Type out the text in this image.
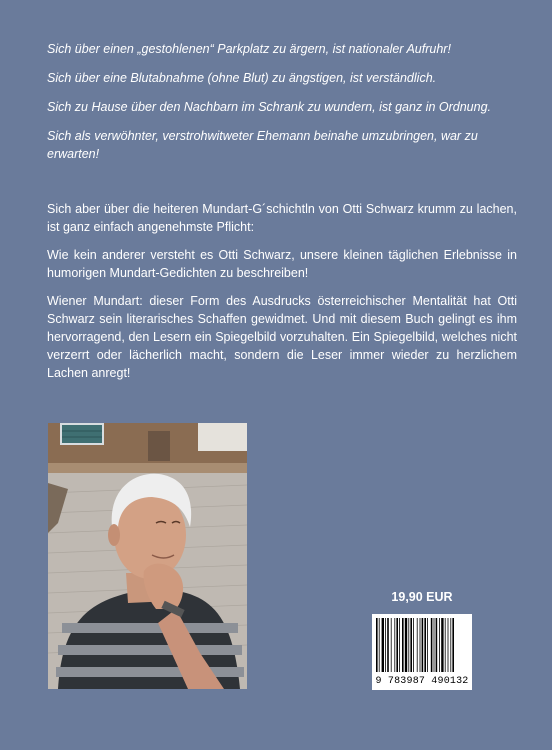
Sich über einen „gestohlenen“ Parkplatz zu ärgern, ist nationaler Aufruhr!

Sich über eine Blutabnahme (ohne Blut) zu ängstigen, ist verständlich.

Sich zu Hause über den Nachbarn im Schrank zu wundern, ist ganz in Ordnung.

Sich als verwöhnter, verstrohwitweter Ehemann beinahe umzubringen, war zu erwarten!

Sich aber über die heiteren Mundart-G´schichtln von Otti Schwarz krumm zu lachen, ist ganz einfach angenehmste Pflicht:

Wie kein anderer versteht es Otti Schwarz, unsere kleinen täglichen Erlebnisse in humorigen Mundart-Gedichten zu beschreiben!

Wiener Mundart: dieser Form des Ausdrucks österreichischer Mentalität hat Otti Schwarz sein literarisches Schaffen gewidmet. Und mit diesem Buch gelingt es ihm hervorragend, den Lesern ein Spiegelbild vorzuhalten. Ein Spiegelbild, welches nicht verzerrt oder lächerlich macht, sondern die Leser immer wieder zu herzlichem Lachen anregt!

19,90 EUR
9 783987 490132
